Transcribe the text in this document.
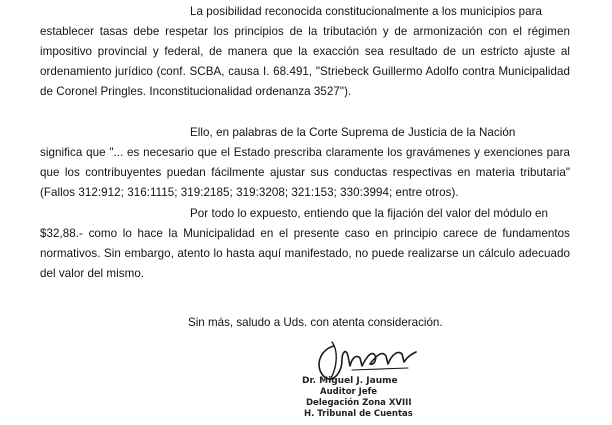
La posibilidad reconocida constitucionalmente a los municipios para
establecer tasas debe respetar los principios de la tributación y de armonización con el régimen impositivo provincial y federal, de manera que la exacción sea resultado de un estricto ajuste al ordenamiento jurídico (conf. SCBA, causa I. 68.491, "Striebeck Guillermo Adolfo contra Municipalidad de Coronel Pringles. Inconstitucionalidad ordenanza 3527").

Ello, en palabras de la Corte Suprema de Justicia de la Nación
significa que "... es necesario que el Estado prescriba claramente los gravámenes y exenciones para que los contribuyentes puedan fácilmente ajustar sus conductas respectivas en materia tributaria" (Fallos 312:912; 316:1115; 319:2185; 319:3208; 321:153; 330:3994; entre otros).

Por todo lo expuesto, entiendo que la fijación del valor del módulo en
$32,88.- como lo hace la Municipalidad en el presente caso en principio carece de fundamentos normativos. Sin embargo, atento lo hasta aquí manifestado, no puede realizarse un cálculo adecuado del valor del mismo.

Sin más, saludo a Uds. con atenta consideración.

Dr. Miguel J. Jaume
Auditor Jefe
Delegación Zona XVIII
H. Tribunal de Cuentas
